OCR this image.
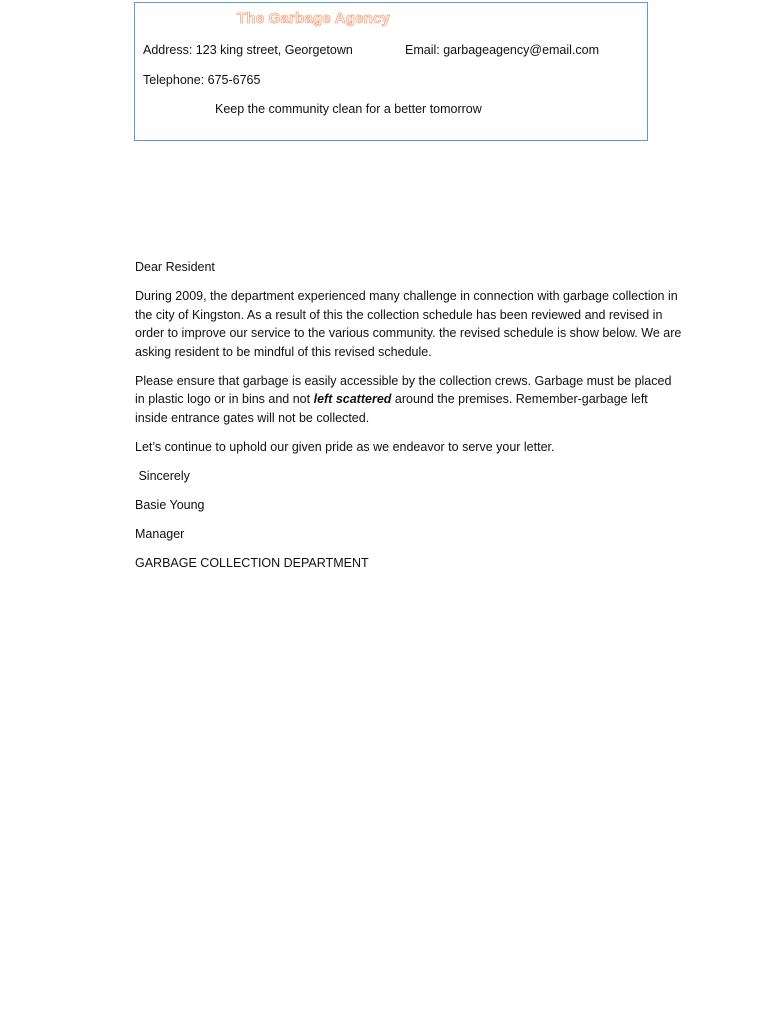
The Garbage Agency
Address: 123 king street, Georgetown	Email: garbageagency@email.com
Telephone: 675-6765
Keep the community clean for a better tomorrow

Dear Resident

During 2009, the department experienced many challenge in connection with garbage collection in the city of Kingston. As a result of this the collection schedule has been reviewed and revised in order to improve our service to the various community. the revised schedule is show below. We are asking resident to be mindful of this revised schedule.

Please ensure that garbage is easily accessible by the collection crews. Garbage must be placed in plastic logo or in bins and not left scattered around the premises. Remember-garbage left inside entrance gates will not be collected.

Let’s continue to uphold our given pride as we endeavor to serve your letter.

Sincerely

Basie Young

Manager

GARBAGE COLLECTION DEPARTMENT
